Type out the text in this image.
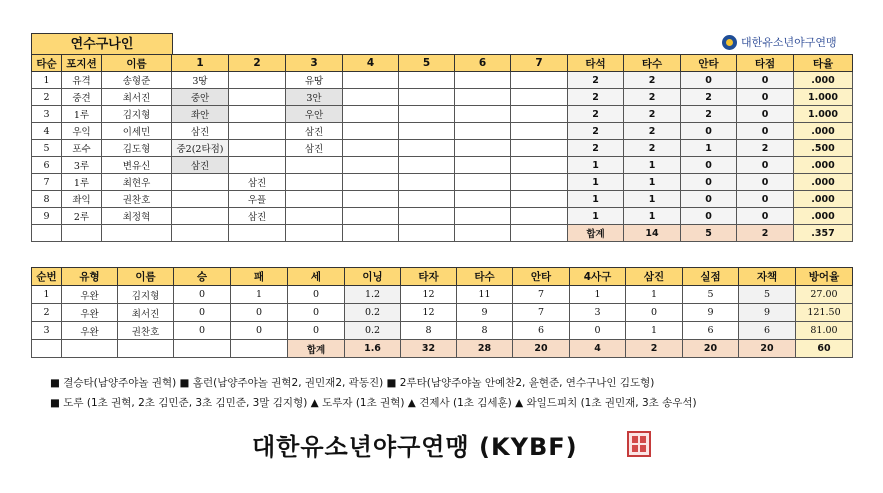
연수구나인	대한유소년야구연맹
타순	포지션	이름	1	2	3	4	5	6	7	타석	타수	안타	타점	타율
1	유격	송형준	3땅		유땅					2	2	0	0	.000
2	중견	최서진	중안		3안					2	2	2	0	1.000
3	1루	김지형	좌안		우안					2	2	2	0	1.000
4	우익	이세민	삼진		삼진					2	2	0	0	.000
5	포수	김도형	중2(2타점)		삼진					2	2	1	2	.500
6	3루	변유신	삼진							1	1	0	0	.000
7	1루	최현우		삼진						1	1	0	0	.000
8	좌익	권찬호		우플						1	1	0	0	.000
9	2루	최정혁		삼진						1	1	0	0	.000
										합계	14	5	2	.357
순번	유형	이름	승	패	세	이닝	타자	타수	안타	4사구	삼진	실점	자책	방어율
1	우완	김지형	0	1	0	1.2	12	11	7	1	1	5	5	27.00
2	우완	최서진	0	0	0	0.2	12	9	7	3	0	9	9	121.50
3	우완	권찬호	0	0	0	0.2	8	8	6	0	1	6	6	81.00
					합계	1.6	32	28	20	4	2	20	20	60
■ 결승타(남양주야놀 권혁) ■ 홈런(남양주야놀 권혁2, 권민재2, 곽동진) ■ 2루타(남양주야놀 안예찬2, 윤현준, 연수구나인 김도형)
■ 도루 (1초 권혁, 2초 김민준, 3초 김민준, 3말 김지형) ▲ 도루자 (1초 권혁) ▲ 견제사 (1초 김세훈) ▲ 와일드피치 (1초 권민재, 3초 송우석)
대한유소년야구연맹 (KYBF)
